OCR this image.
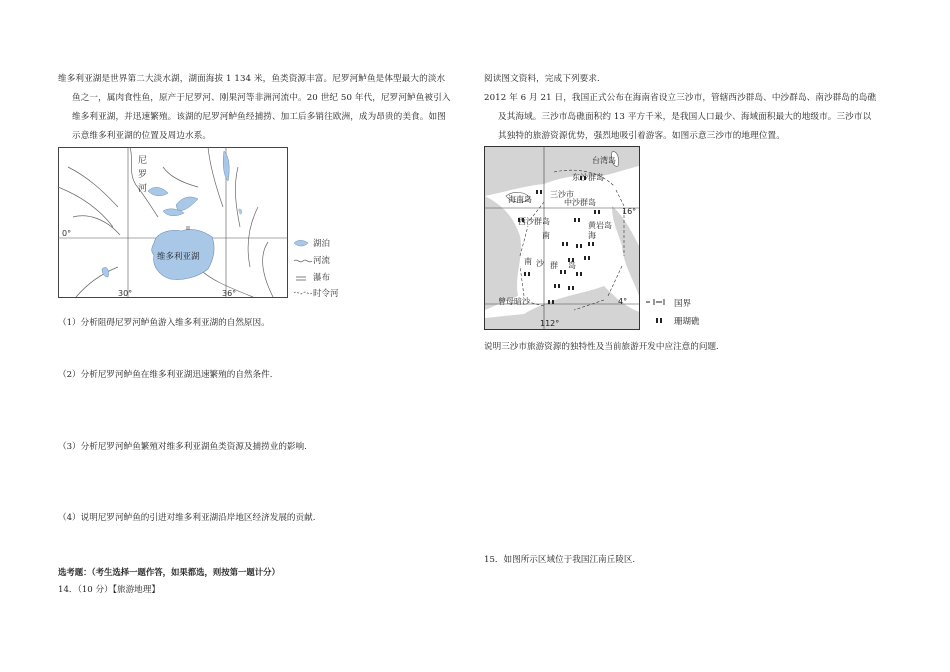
维多利亚湖是世界第二大淡水湖，湖面海拔 1 134 米，鱼类资源丰富。尼罗河鲈鱼是体型最大的淡水
鱼之一，属肉食性鱼，原产于尼罗河、刚果河等非洲河流中。20 世纪 50 年代，尼罗河鲈鱼被引入
维多利亚湖，并迅速繁殖。该湖的尼罗河鲈鱼经捕捞、加工后多销往欧洲，成为昂贵的美食。如图
示意维多利亚湖的位置及周边水系。
尼
罗
河
维多利亚湖
0°
30°	36°
湖泊
河流
瀑布
时令河
（1）分析阻碍尼罗河鲈鱼游入维多利亚湖的自然原因。
（2）分析尼罗河鲈鱼在维多利亚湖迅速繁殖的自然条件.
（3）分析尼罗河鲈鱼繁殖对维多利亚湖鱼类资源及捕捞业的影响.
（4）说明尼罗河鲈鱼的引进对维多利亚湖沿岸地区经济发展的贡献.
选考题：（考生选择一题作答，如果都选，则按第一题计分）
14．（10 分）【旅游地理】
阅读图文资料，完成下列要求.
2012 年 6 月 21 日，我国正式公布在海南省设立三沙市，管辖西沙群岛、中沙群岛、南沙群岛的岛礁
及其海域。三沙市岛礁面积约 13 平方千米，是我国人口最少、海域面积最大的地级市。三沙市以
其独特的旅游资源优势，强烈地吸引着游客。如图示意三沙市的地理位置。
台湾岛
东沙群岛
海南岛
三沙市
中沙群岛
西沙群岛
南
黄岩岛
海
南 沙 群 岛
16°
4°
曾母暗沙
112°
国界
珊瑚礁
说明三沙市旅游资源的独特性及当前旅游开发中应注意的问题.
15．如图所示区域位于我国江南丘陵区.
